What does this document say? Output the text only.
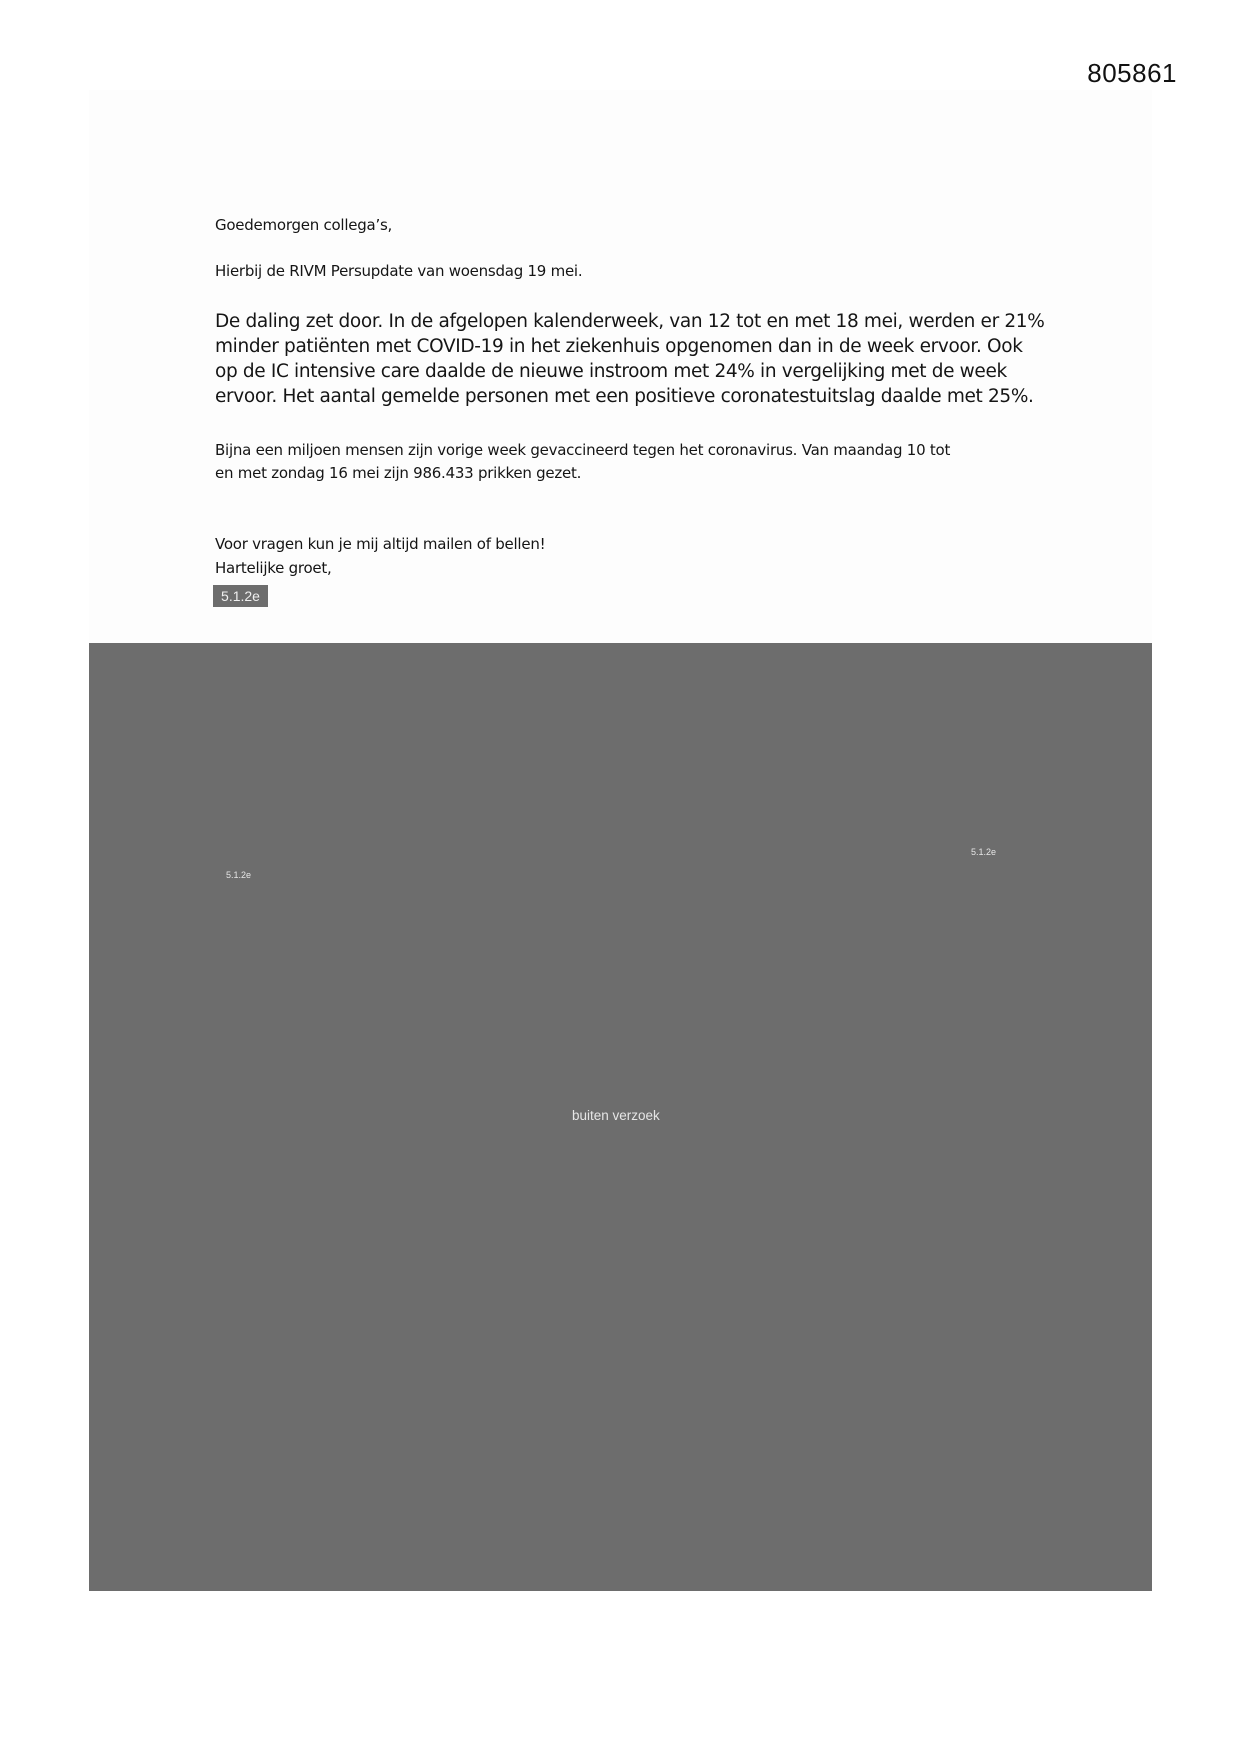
805861
Goedemorgen collega’s,
Hierbij de RIVM Persupdate van woensdag 19 mei.
De daling zet door. In de afgelopen kalenderweek, van 12 tot en met 18 mei, werden er 21%
minder patiënten met COVID-19 in het ziekenhuis opgenomen dan in de week ervoor. Ook
op de IC intensive care daalde de nieuwe instroom met 24% in vergelijking met de week
ervoor. Het aantal gemelde personen met een positieve coronatestuitslag daalde met 25%.
Bijna een miljoen mensen zijn vorige week gevaccineerd tegen het coronavirus. Van maandag 10 tot
en met zondag 16 mei zijn 986.433 prikken gezet.
Voor vragen kun je mij altijd mailen of bellen!
Hartelijke groet,
5.1.2e
5.1.2e
5.1.2e
buiten verzoek
